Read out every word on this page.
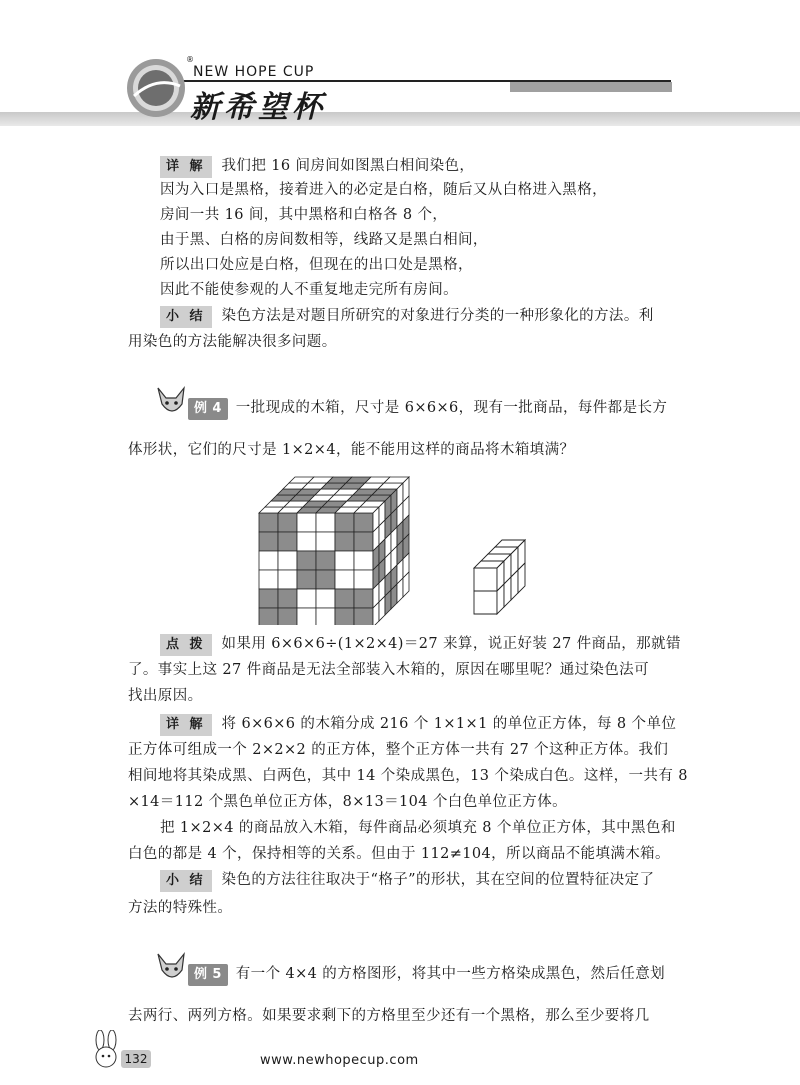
®
NEW HOPE CUP
新希望杯
详 解 我们把 16 间房间如图黑白相间染色，
因为入口是黑格，接着进入的必定是白格，随后又从白格进入黑格，
房间一共 16 间，其中黑格和白格各 8 个，
由于黑、白格的房间数相等，线路又是黑白相间，
所以出口处应是白格，但现在的出口处是黑格，
因此不能使参观的人不重复地走完所有房间。
小 结 染色方法是对题目所研究的对象进行分类的一种形象化的方法。利
用染色的方法能解决很多问题。
例 4 一批现成的木箱，尺寸是 6×6×6，现有一批商品，每件都是长方
体形状，它们的尺寸是 1×2×4，能不能用这样的商品将木箱填满？
点 拨 如果用 6×6×6÷(1×2×4)＝27 来算，说正好装 27 件商品，那就错
了。事实上这 27 件商品是无法全部装入木箱的，原因在哪里呢？通过染色法可
找出原因。
详 解 将 6×6×6 的木箱分成 216 个 1×1×1 的单位正方体，每 8 个单位
正方体可组成一个 2×2×2 的正方体，整个正方体一共有 27 个这种正方体。我们
相间地将其染成黑、白两色，其中 14 个染成黑色，13 个染成白色。这样，一共有 8
×14＝112 个黑色单位正方体，8×13＝104 个白色单位正方体。
把 1×2×4 的商品放入木箱，每件商品必须填充 8 个单位正方体，其中黑色和
白色的都是 4 个，保持相等的关系。但由于 112≠104，所以商品不能填满木箱。
小 结 染色的方法往往取决于“格子”的形状，其在空间的位置特征决定了
方法的特殊性。
例 5 有一个 4×4 的方格图形，将其中一些方格染成黑色，然后任意划
去两行、两列方格。如果要求剩下的方格里至少还有一个黑格，那么至少要将几
132	www.newhopecup.com
